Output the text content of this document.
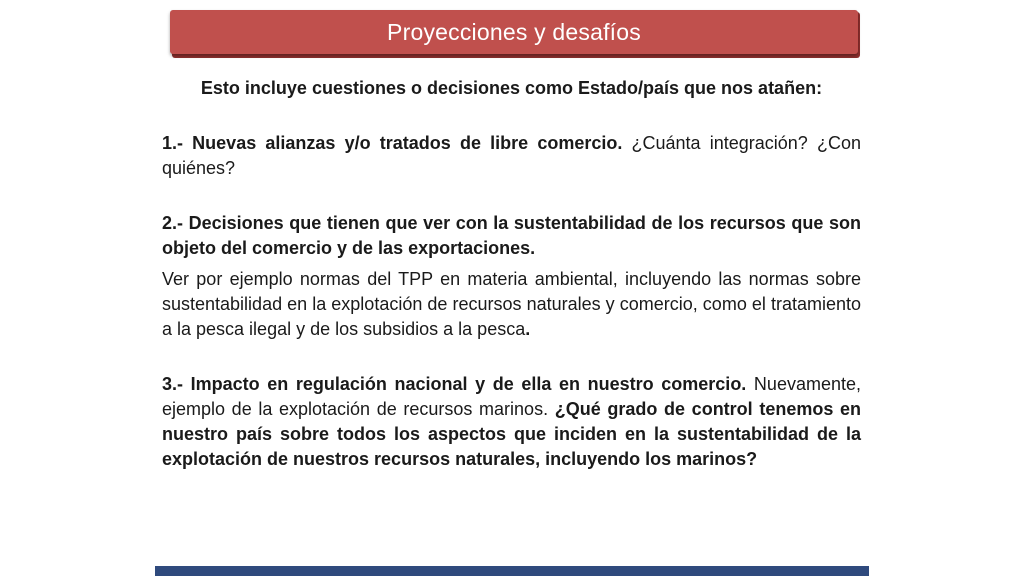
Proyecciones y desafíos

Esto incluye cuestiones o decisiones como Estado/país que nos atañen:

1.- Nuevas alianzas y/o tratados de libre comercio. ¿Cuánta integración? ¿Con quiénes?

2.- Decisiones que tienen que ver con la sustentabilidad de los recursos que son objeto del comercio y de las exportaciones.

Ver por ejemplo normas del TPP en materia ambiental, incluyendo las normas sobre sustentabilidad en la explotación de recursos naturales y comercio, como el tratamiento a la pesca ilegal y de los subsidios a la pesca.

3.- Impacto en regulación nacional y de ella en nuestro comercio. Nuevamente, ejemplo de la explotación de recursos marinos. ¿Qué grado de control tenemos en nuestro país sobre todos los aspectos que inciden en la sustentabilidad de la explotación de nuestros recursos naturales, incluyendo los marinos?
